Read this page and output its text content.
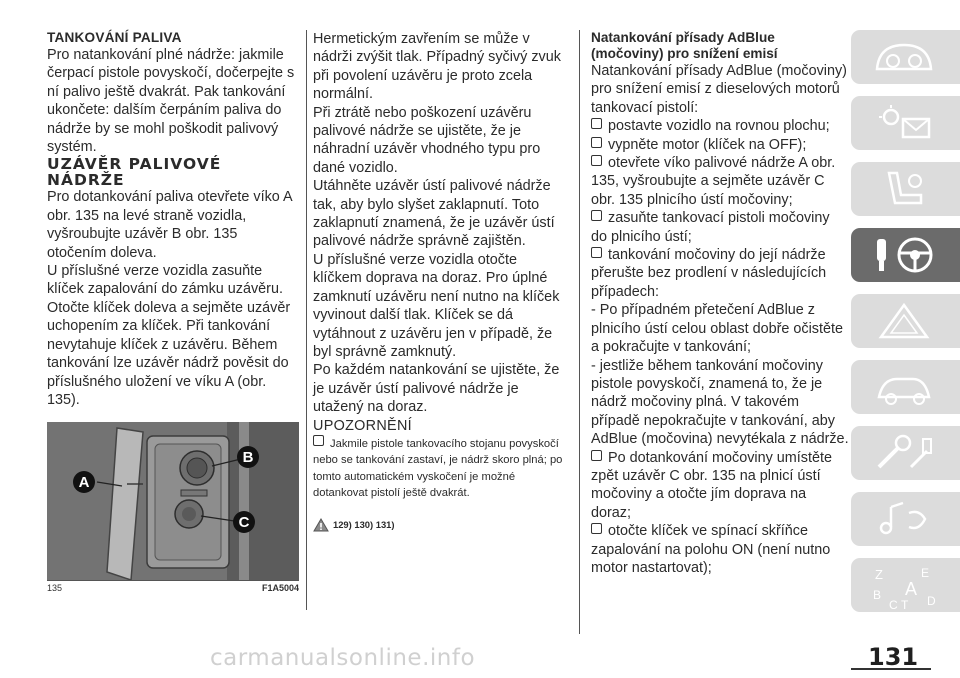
TANKOVÁNÍ PALIVA

Pro natankování plné nádrže: jakmile čerpací pistole povyskočí, dočerpejte s ní palivo ještě dvakrát. Pak tankování ukončete: dalším čerpáním paliva do nádrže by se mohl poškodit palivový systém.

UZÁVĚR PALIVOVÉ NÁDRŽE

Pro dotankování paliva otevřete víko A obr. 135 na levé straně vozidla, vyšroubujte uzávěr B obr. 135 otočením doleva.

U příslušné verze vozidla zasuňte klíček zapalování do zámku uzávěru. Otočte klíček doleva a sejměte uzávěr uchopením za klíček. Při tankování nevytahuje klíček z uzávěru. Během tankování lze uzávěr nádrž pověsit do příslušného uložení ve víku A (obr. 135).

A
B
C
135	F1A5004

Hermetickým zavřením se může v nádrži zvýšit tlak. Případný syčivý zvuk při povolení uzávěru je proto zcela normální.

Při ztrátě nebo poškození uzávěru palivové nádrže se ujistěte, že je náhradní uzávěr vhodného typu pro dané vozidlo.

Utáhněte uzávěr ústí palivové nádrže tak, aby bylo slyšet zaklapnutí. Toto zaklapnutí znamená, že je uzávěr ústí palivové nádrže správně zajištěn.

U příslušné verze vozidla otočte klíčkem doprava na doraz. Pro úplné zamknutí uzávěru není nutno na klíček vyvinout další tlak. Klíček se dá vytáhnout z uzávěru jen v případě, že byl správně zamknutý.

Po každém natankování se ujistěte, že je uzávěr ústí palivové nádrže je utažený na doraz.

UPOZORNĚNÍ

Jakmile pistole tankovacího stojanu povyskočí nebo se tankování zastaví, je nádrž skoro plná; po tomto automatickém vyskočení je možné dotankovat pistolí ještě dvakrát.

129) 130) 131)

Natankování přísady AdBlue (močoviny) pro snížení emisí

Natankování přísady AdBlue (močoviny) pro snížení emisí z dieselových motorů tankovací pistolí:

postavte vozidlo na rovnou plochu;

vypněte motor (klíček na OFF);

otevřete víko palivové nádrže A obr. 135, vyšroubujte a sejměte uzávěr C obr. 135 plnicího ústí močoviny;

zasuňte tankovací pistoli močoviny do plnicího ústí;

tankování močoviny do její nádrže přerušte bez prodlení v následujících případech:

- Po případném přetečení AdBlue z plnicího ústí celou oblast dobře očistěte a pokračujte v tankování;

- jestliže během tankování močoviny pistole povyskočí, znamená to, že je nádrž močoviny plná. V takovém případě nepokračujte v tankování, aby AdBlue (močovina) nevytékala z nádrže.

Po dotankování močoviny umístěte zpět uzávěr C obr. 135 na plnicí ústí močoviny a otočte jím doprava na doraz;

otočte klíček ve spínací skříňce zapalování na polohu ON (není nutno motor nastartovat);	Z	E
A
B
C T D
carmanualsonline.info	131
